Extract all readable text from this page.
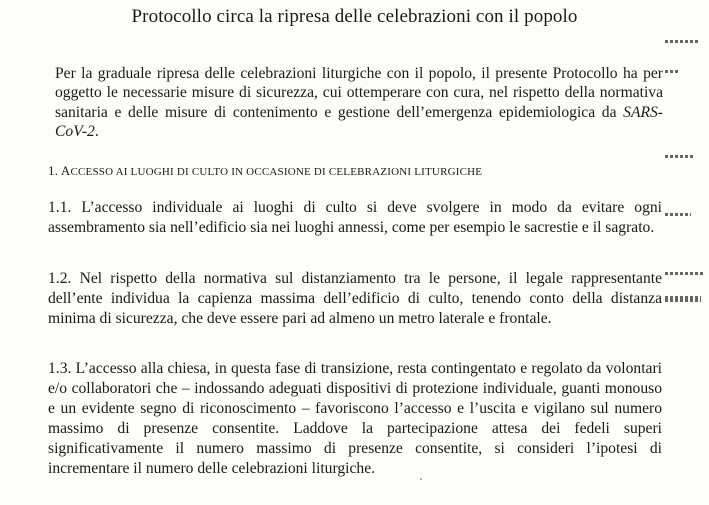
Protocollo circa la ripresa delle celebrazioni con il popolo
Per la graduale ripresa delle celebrazioni liturgiche con il popolo, il presente Protocollo ha per oggetto le necessarie misure di sicurezza, cui ottemperare con cura, nel rispetto della normativa sanitaria e delle misure di contenimento e gestione dell’emergenza epidemiologica da SARS-CoV-2.
1. ACCESSO AI LUOGHI DI CULTO IN OCCASIONE DI CELEBRAZIONI LITURGICHE
1.1. L’accesso individuale ai luoghi di culto si deve svolgere in modo da evitare ogni assembramento sia nell’edificio sia nei luoghi annessi, come per esempio le sacrestie e il sagrato.
1.2. Nel rispetto della normativa sul distanziamento tra le persone, il legale rappresentante dell’ente individua la capienza massima dell’edificio di culto, tenendo conto della distanza minima di sicurezza, che deve essere pari ad almeno un metro laterale e frontale.
1.3. L’accesso alla chiesa, in questa fase di transizione, resta contingentato e regolato da volontari e/o collaboratori che – indossando adeguati dispositivi di protezione individuale, guanti monouso e un evidente segno di riconoscimento – favoriscono l’accesso e l’uscita e vigilano sul numero massimo di presenze consentite. Laddove la partecipazione attesa dei fedeli superi significativamente il numero massimo di presenze consentite, si consideri l’ipotesi di incrementare il numero delle celebrazioni liturgiche.
